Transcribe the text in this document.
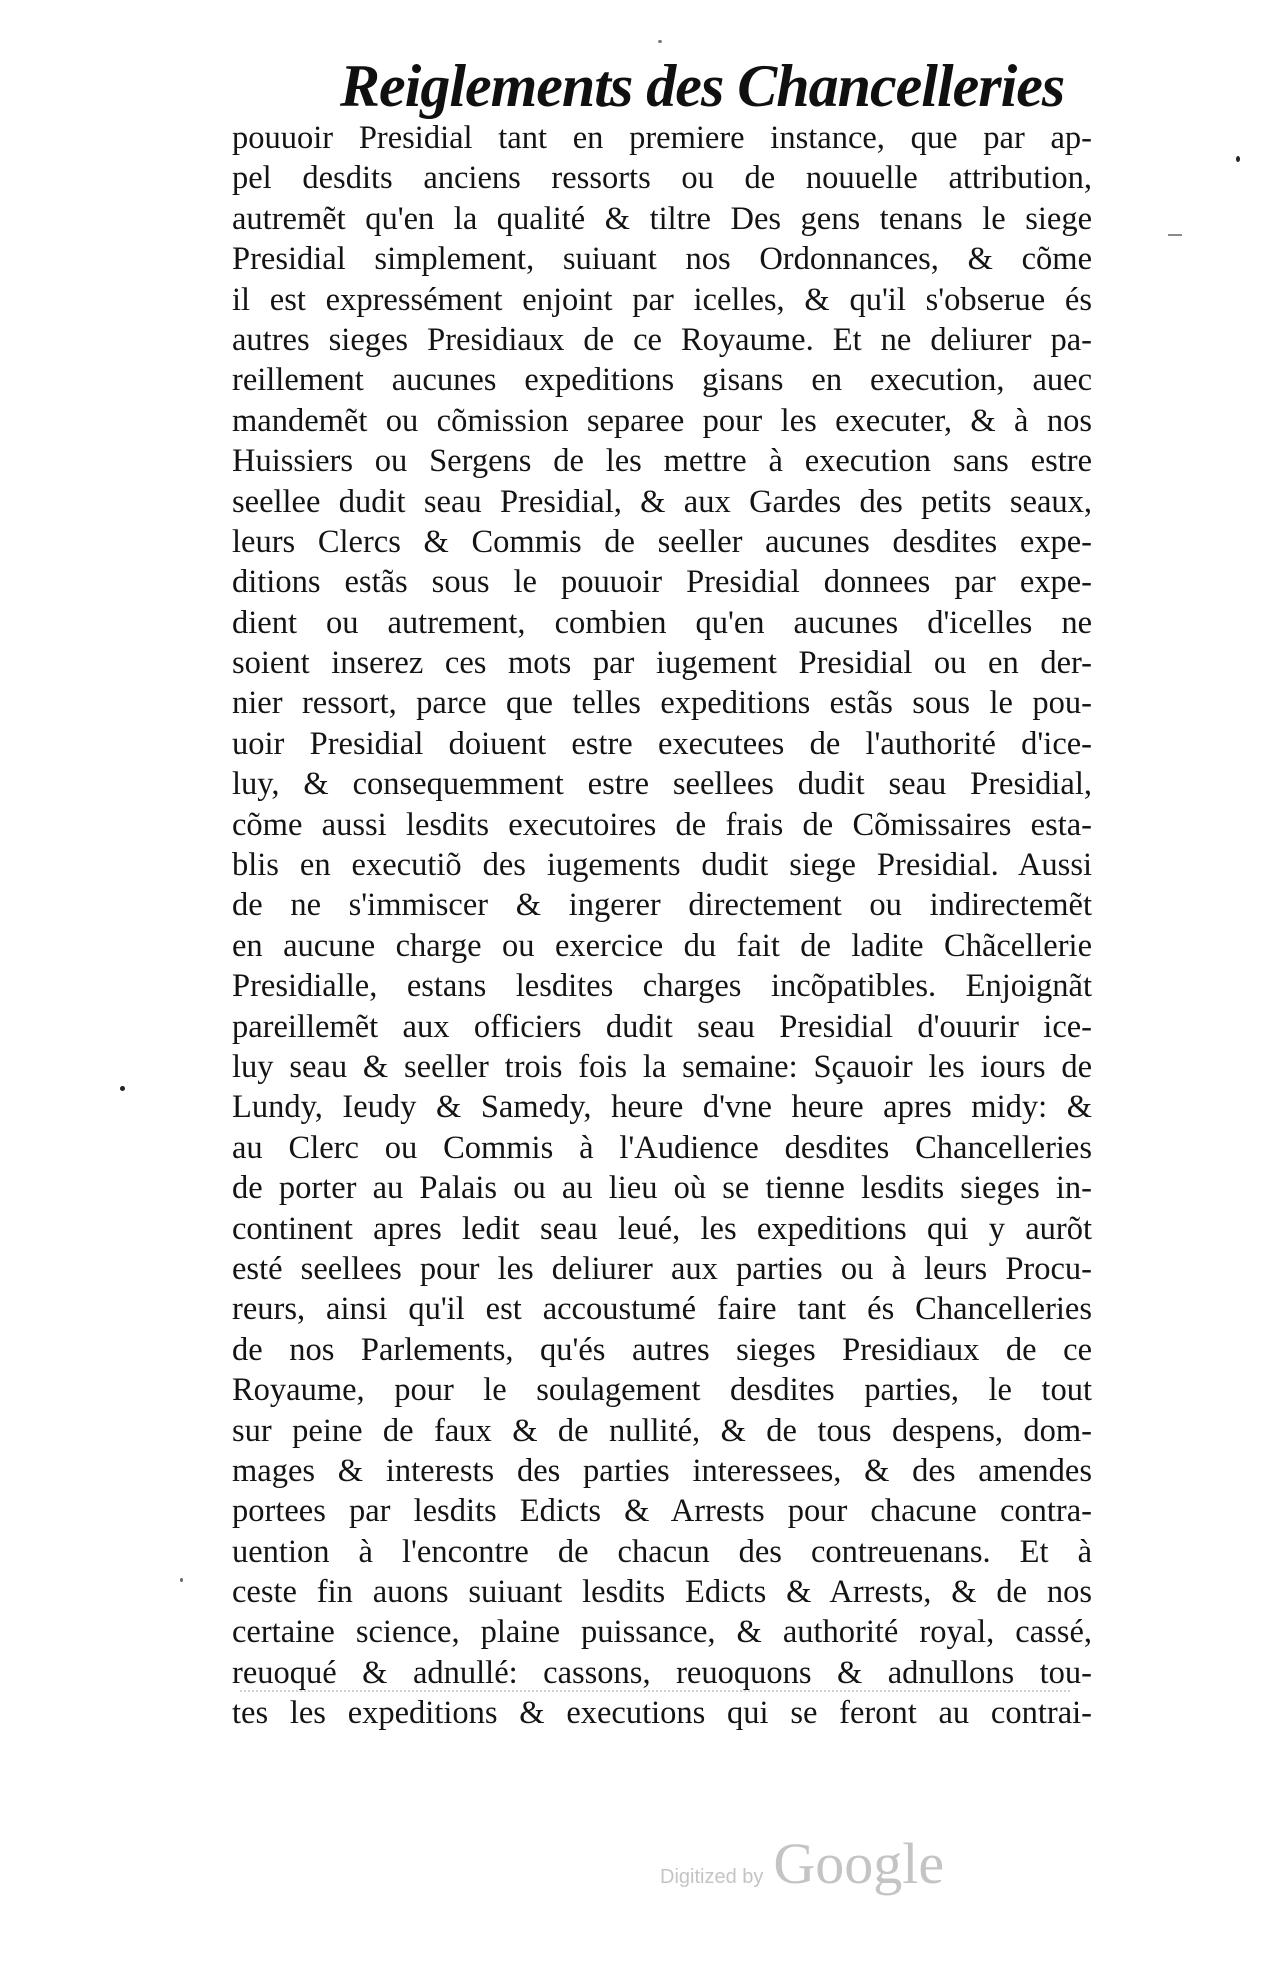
Reiglements des Chancelleries
pouuoir Presidial tant en premiere instance, que par ap-
pel desdits anciens ressorts ou de nouuelle attribution,
autremẽt qu'en la qualité & tiltre Des gens tenans le siege
Presidial simplement, suiuant nos Ordonnances, & cõme
il est expressément enjoint par icelles, & qu'il s'obserue és
autres sieges Presidiaux de ce Royaume. Et ne deliurer pa-
reillement aucunes expeditions gisans en execution, auec
mandemẽt ou cõmission separee pour les executer, & à nos
Huissiers ou Sergens de les mettre à execution sans estre
seellee dudit seau Presidial, & aux Gardes des petits seaux,
leurs Clercs & Commis de seeller aucunes desdites expe-
ditions estãs sous le pouuoir Presidial donnees par expe-
dient ou autrement, combien qu'en aucunes d'icelles ne
soient inserez ces mots par iugement Presidial ou en der-
nier ressort, parce que telles expeditions estãs sous le pou-
uoir Presidial doiuent estre executees de l'authorité d'ice-
luy, & consequemment estre seellees dudit seau Presidial,
cõme aussi lesdits executoires de frais de Cõmissaires esta-
blis en executiõ des iugements dudit siege Presidial. Aussi
de ne s'immiscer & ingerer directement ou indirectemẽt
en aucune charge ou exercice du fait de ladite Chãcellerie
Presidialle, estans lesdites charges incõpatibles. Enjoignãt
pareillemẽt aux officiers dudit seau Presidial d'ouurir ice-
luy seau & seeller trois fois la semaine: Sçauoir les iours de
Lundy, Ieudy & Samedy, heure d'vne heure apres midy: &
au Clerc ou Commis à l'Audience desdites Chancelleries
de porter au Palais ou au lieu où se tienne lesdits sieges in-
continent apres ledit seau leué, les expeditions qui y aurõt
esté seellees pour les deliurer aux parties ou à leurs Procu-
reurs, ainsi qu'il est accoustumé faire tant és Chancelleries
de nos Parlements, qu'és autres sieges Presidiaux de ce
Royaume, pour le soulagement desdites parties, le tout
sur peine de faux & de nullité, & de tous despens, dom-
mages & interests des parties interessees, & des amendes
portees par lesdits Edicts & Arrests pour chacune contra-
uention à l'encontre de chacun des contreuenans. Et à
ceste fin auons suiuant lesdits Edicts & Arrests, & de nos
certaine science, plaine puissance, & authorité royal, cassé,
reuoqué & adnullé: cassons, reuoquons & adnullons tou-
tes les expeditions & executions qui se feront au contrai-
Digitized by Google
